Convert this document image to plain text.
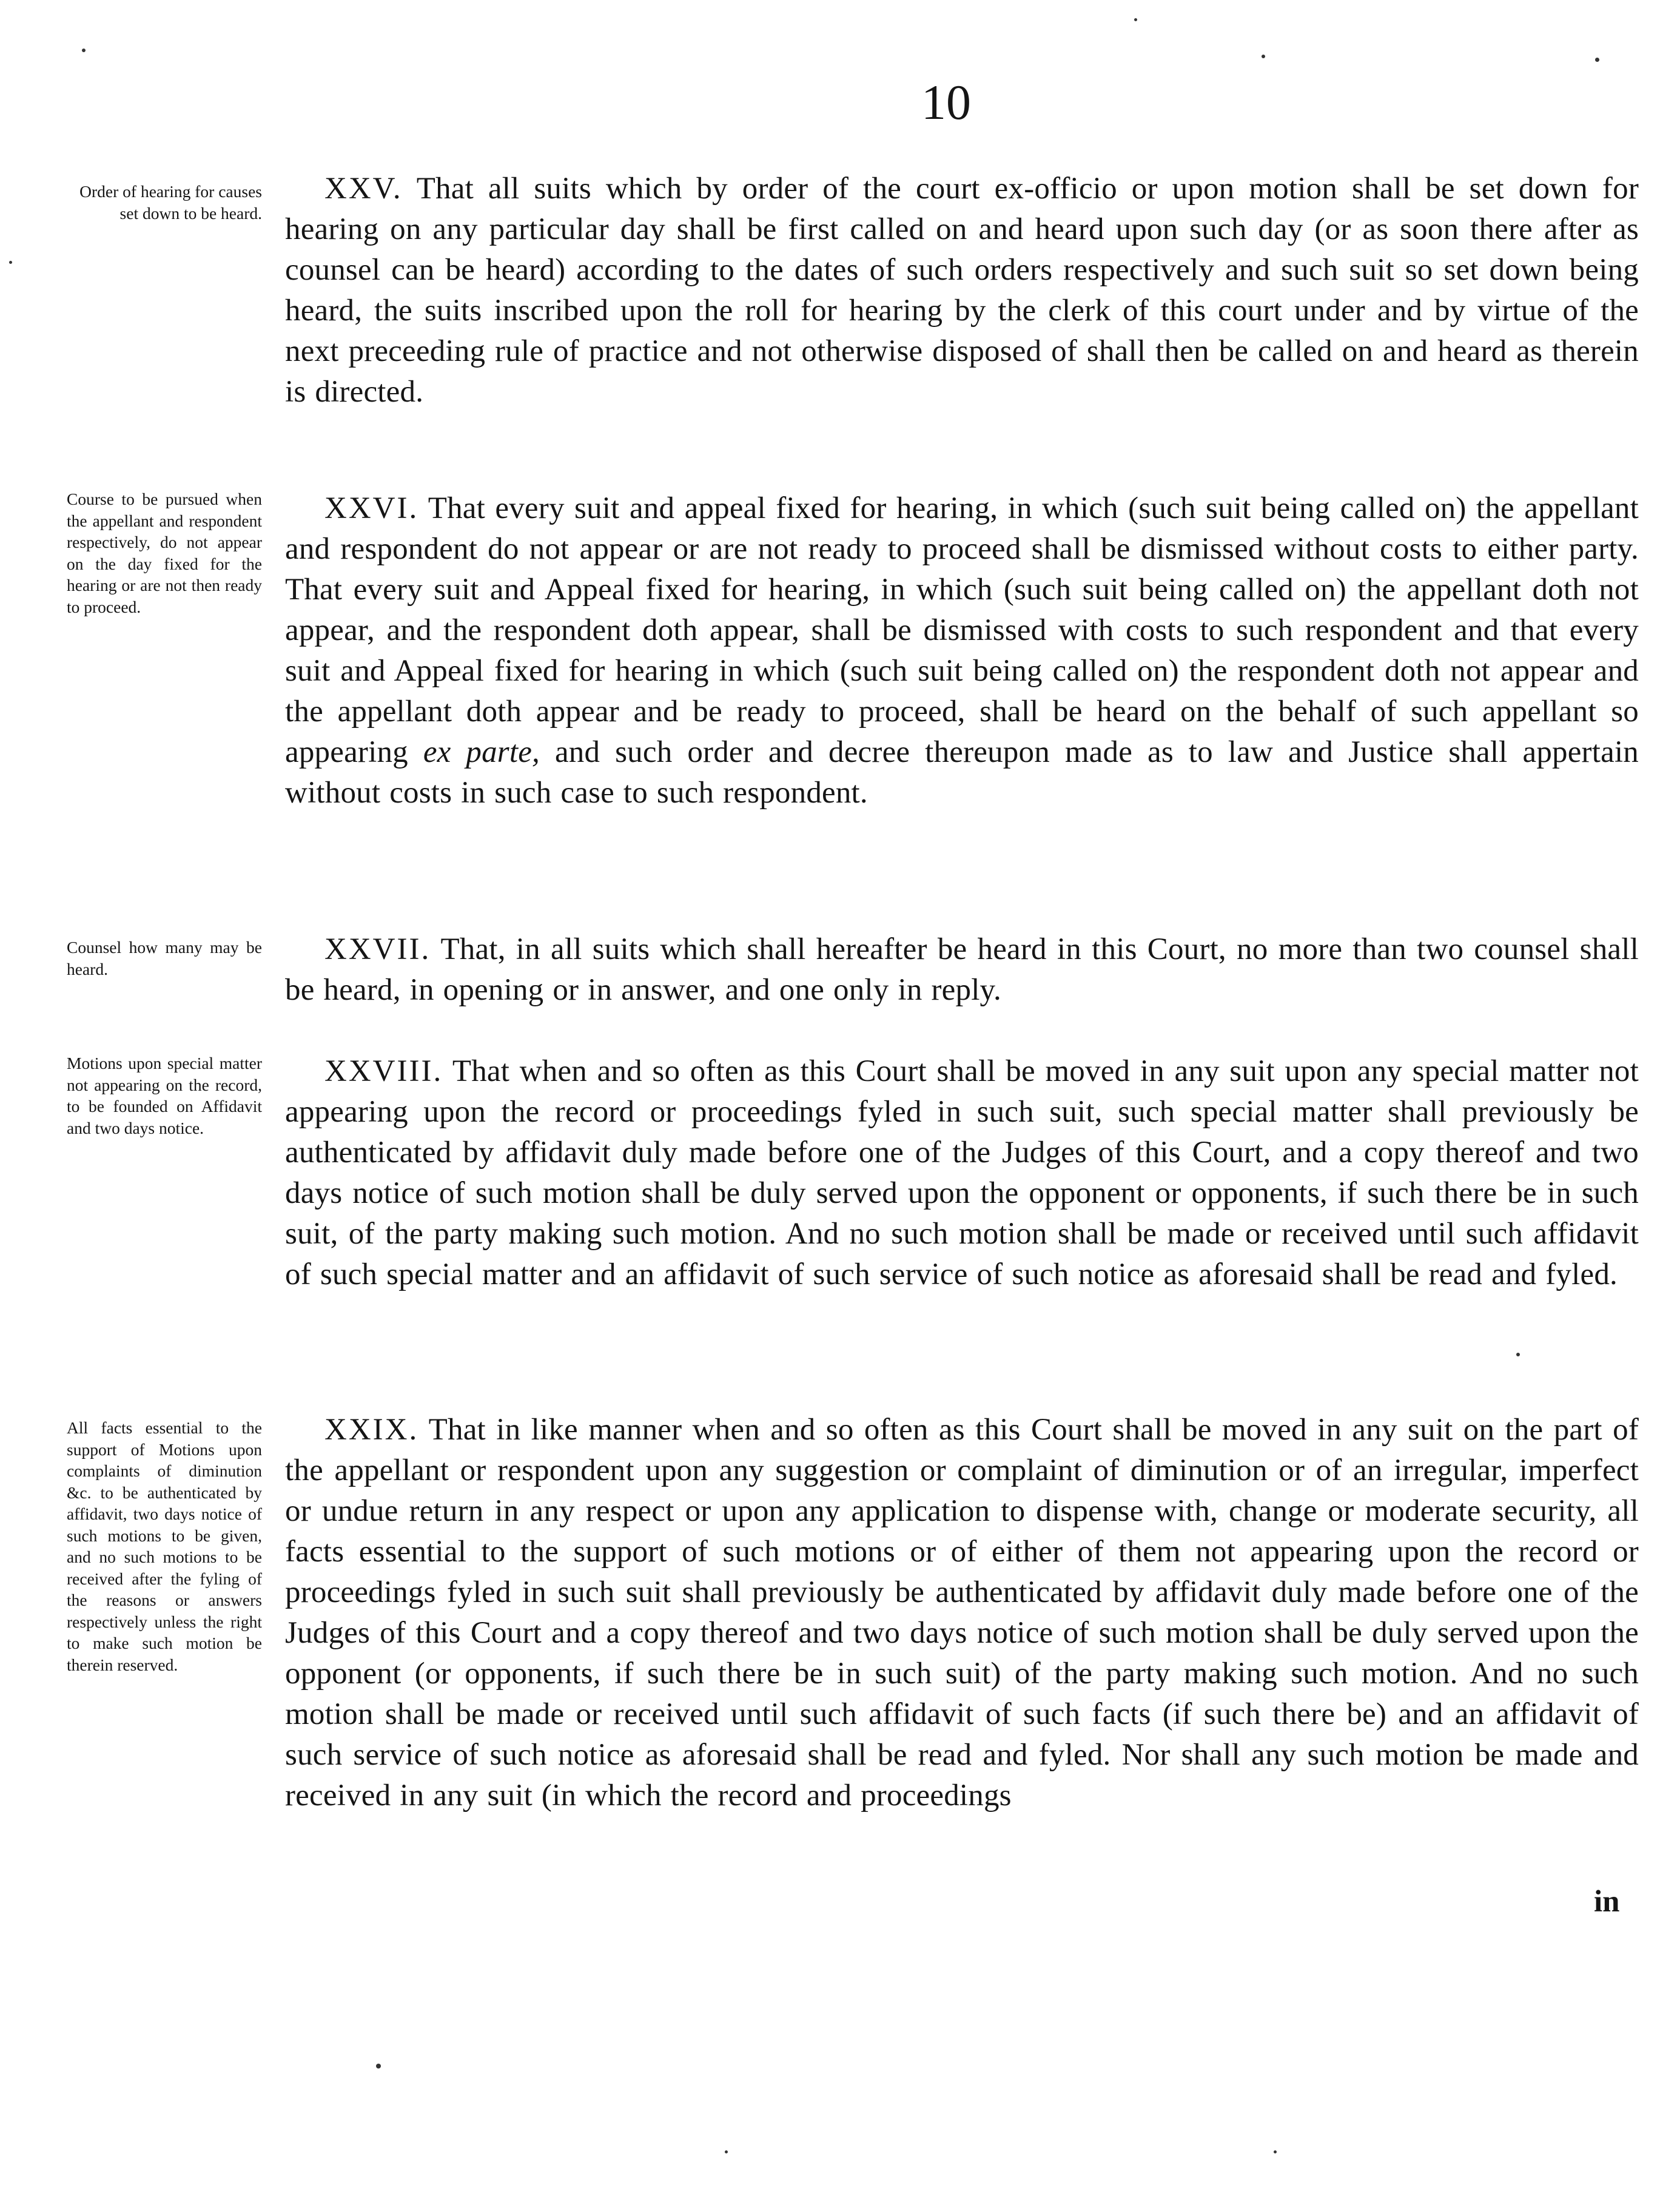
10
Order of hearing for causes set down to be heard.
XXV. That all suits which by order of the court ex-officio or upon motion shall be set down for hearing on any particular day shall be first called on and heard upon such day (or as soon there after as counsel can be heard) according to the dates of such orders respectively and such suit so set down being heard, the suits inscribed upon the roll for hearing by the clerk of this court under and by virtue of the next preceeding rule of practice and not otherwise disposed of shall then be called on and heard as therein is directed.
Course to be pursued when the appellant and respondent respectively, do not appear on the day fixed for the hearing or are not then ready to proceed.
XXVI. That every suit and appeal fixed for hearing, in which (such suit being called on) the appellant and respondent do not appear or are not ready to proceed shall be dismissed without costs to either party. That every suit and Appeal fixed for hearing, in which (such suit being called on) the appellant doth not appear, and the respondent doth appear, shall be dismissed with costs to such respondent and that every suit and Appeal fixed for hearing in which (such suit being called on) the respondent doth not appear and the appellant doth appear and be ready to proceed, shall be heard on the behalf of such appellant so appearing ex parte, and such order and decree thereupon made as to law and Justice shall appertain without costs in such case to such respondent.
Counsel how many may be heard.
XXVII. That, in all suits which shall hereafter be heard in this Court, no more than two counsel shall be heard, in opening or in answer, and one only in reply.
Motions upon special matter not appearing on the record, to be founded on Affidavit and two days notice.
XXVIII. That when and so often as this Court shall be moved in any suit upon any special matter not appearing upon the record or proceedings fyled in such suit, such special matter shall previously be authenticated by affidavit duly made before one of the Judges of this Court, and a copy thereof and two days notice of such motion shall be duly served upon the opponent or opponents, if such there be in such suit, of the party making such motion. And no such motion shall be made or received until such affidavit of such special matter and an affidavit of such service of such notice as aforesaid shall be read and fyled.
All facts essential to the support of Motions upon complaints of diminution &c. to be authenticated by affidavit, two days notice of such motions to be given, and no such motions to be received after the fyling of the reasons or answers respectively unless the right to make such motion be therein reserved.
XXIX. That in like manner when and so often as this Court shall be moved in any suit on the part of the appellant or respondent upon any suggestion or complaint of diminution or of an irregular, imperfect or undue return in any respect or upon any application to dispense with, change or moderate security, all facts essential to the support of such motions or of either of them not appearing upon the record or proceedings fyled in such suit shall previously be authenticated by affidavit duly made before one of the Judges of this Court and a copy thereof and two days notice of such motion shall be duly served upon the opponent (or opponents, if such there be in such suit) of the party making such motion. And no such motion shall be made or received until such affidavit of such facts (if such there be) and an affidavit of such service of such notice as aforesaid shall be read and fyled. Nor shall any such motion be made and received in any suit (in which the record and proceedings
in
